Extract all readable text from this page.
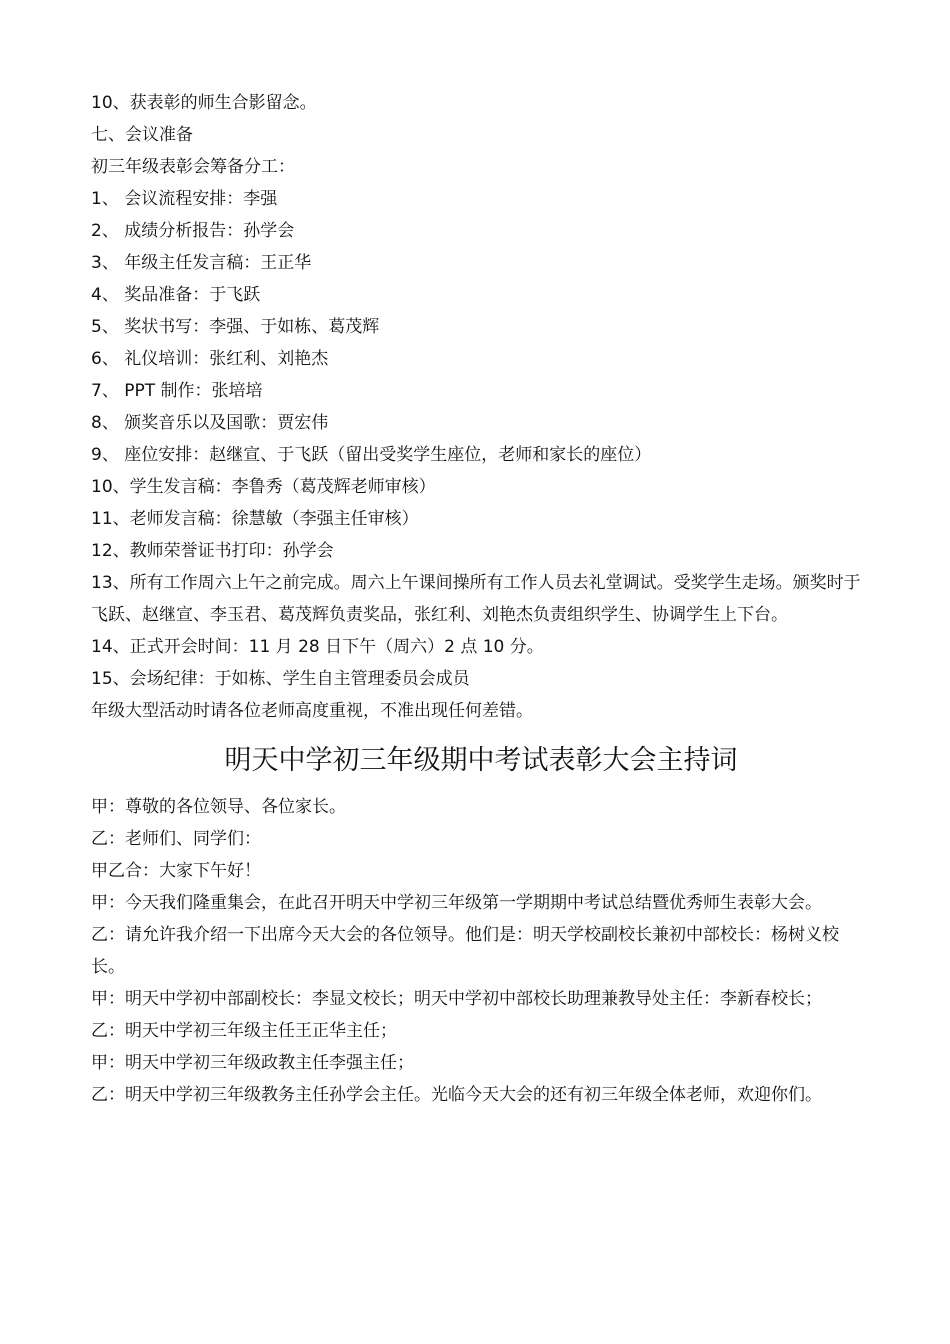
10、获表彰的师生合影留念。
七、会议准备
初三年级表彰会筹备分工：
1、 会议流程安排：李强
2、 成绩分析报告：孙学会
3、 年级主任发言稿：王正华
4、 奖品准备：于飞跃
5、 奖状书写：李强、于如栋、葛茂辉
6、 礼仪培训：张红利、刘艳杰
7、 PPT 制作：张培培
8、 颁奖音乐以及国歌：贾宏伟
9、 座位安排：赵继宣、于飞跃（留出受奖学生座位，老师和家长的座位）
10、学生发言稿：李鲁秀（葛茂辉老师审核）
11、老师发言稿：徐慧敏（李强主任审核）
12、教师荣誉证书打印：孙学会
13、所有工作周六上午之前完成。周六上午课间操所有工作人员去礼堂调试。受奖学生走场。颁奖时于飞跃、赵继宣、李玉君、葛茂辉负责奖品，张红利、刘艳杰负责组织学生、协调学生上下台。
14、正式开会时间：11 月 28 日下午（周六）2 点 10 分。
15、会场纪律：于如栋、学生自主管理委员会成员
年级大型活动时请各位老师高度重视，不准出现任何差错。
明天中学初三年级期中考试表彰大会主持词
甲：尊敬的各位领导、各位家长。
乙：老师们、同学们：
甲乙合：大家下午好！
甲：今天我们隆重集会，在此召开明天中学初三年级第一学期期中考试总结暨优秀师生表彰大会。
乙：请允许我介绍一下出席今天大会的各位领导。他们是：明天学校副校长兼初中部校长：杨树义校长。
甲：明天中学初中部副校长：李显文校长；明天中学初中部校长助理兼教导处主任：李新春校长；
乙：明天中学初三年级主任王正华主任；
甲：明天中学初三年级政教主任李强主任；
乙：明天中学初三年级教务主任孙学会主任。光临今天大会的还有初三年级全体老师，欢迎你们。
